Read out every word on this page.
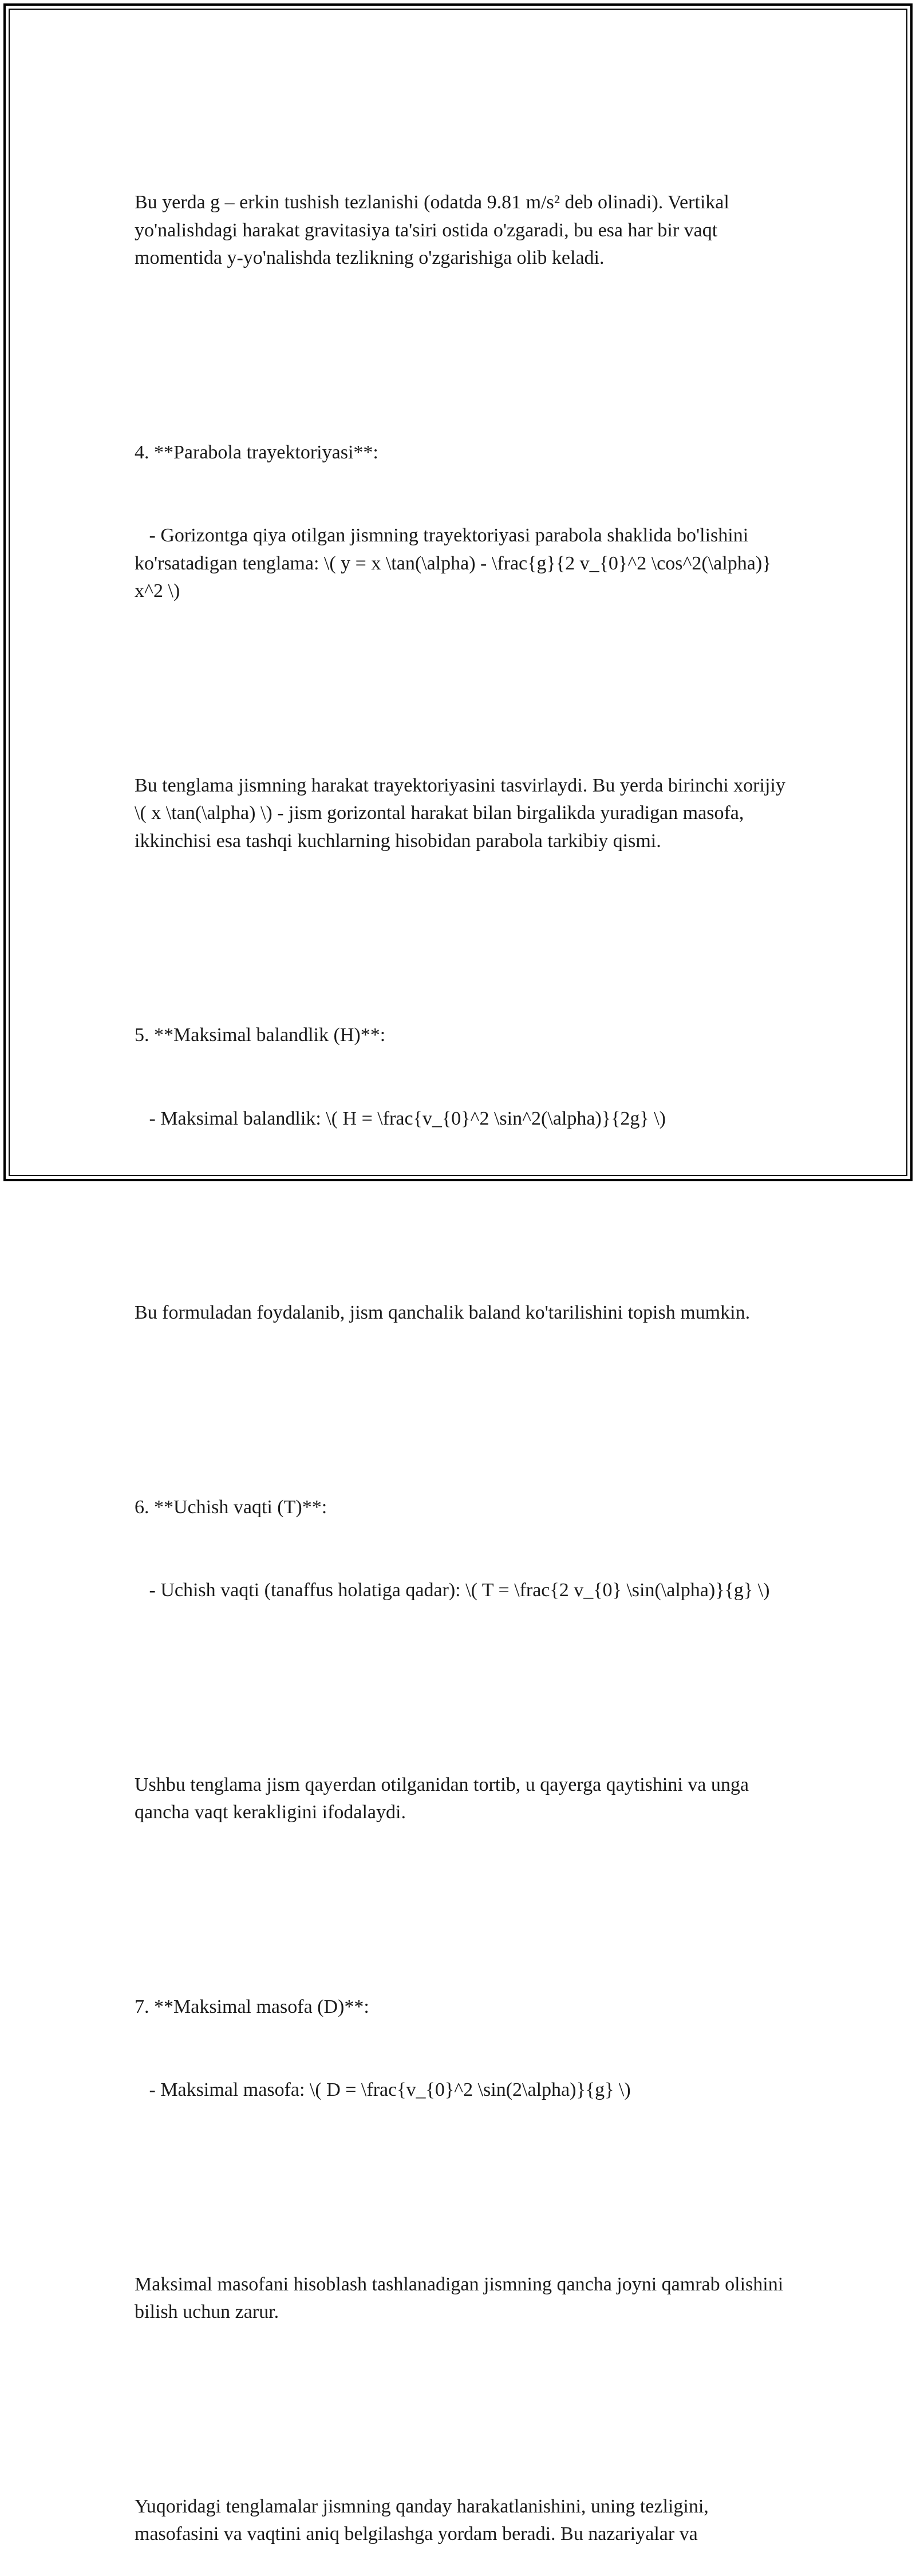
Bu yerda g – erkin tushish tezlanishi (odatda 9.81 m/s² deb olinadi). Vertikal yo'nalishdagi harakat gravitasiya ta'siri ostida o'zgaradi, bu esa har bir vaqt momentida y-yo'nalishda tezlikning o'zgarishiga olib keladi.

4. **Parabola trayektoriyasi**:

- Gorizontga qiya otilgan jismning trayektoriyasi parabola shaklida bo'lishini ko'rsatadigan tenglama: \( y = x \tan(\alpha) - \frac{g}{2 v_{0}^2 \cos^2(\alpha)} x^2 \)

Bu tenglama jismning harakat trayektoriyasini tasvirlaydi. Bu yerda birinchi xorijiy \( x \tan(\alpha) \) - jism gorizontal harakat bilan birgalikda yuradigan masofa, ikkinchisi esa tashqi kuchlarning hisobidan parabola tarkibiy qismi.

5. **Maksimal balandlik (H)**:

- Maksimal balandlik: \( H = \frac{v_{0}^2 \sin^2(\alpha)}{2g} \)

Bu formuladan foydalanib, jism qanchalik baland ko'tarilishini topish mumkin.

6. **Uchish vaqti (T)**:

- Uchish vaqti (tanaffus holatiga qadar): \( T = \frac{2 v_{0} \sin(\alpha)}{g} \)

Ushbu tenglama jism qayerdan otilganidan tortib, u qayerga qaytishini va unga qancha vaqt kerakligini ifodalaydi.

7. **Maksimal masofa (D)**:

- Maksimal masofa: \( D = \frac{v_{0}^2 \sin(2\alpha)}{g} \)

Maksimal masofani hisoblash tashlanadigan jismning qancha joyni qamrab olishini bilish uchun zarur.

Yuqoridagi tenglamalar jismning qanday harakatlanishini, uning tezligini, masofasini va vaqtini aniq belgilashga yordam beradi. Bu nazariyalar va
